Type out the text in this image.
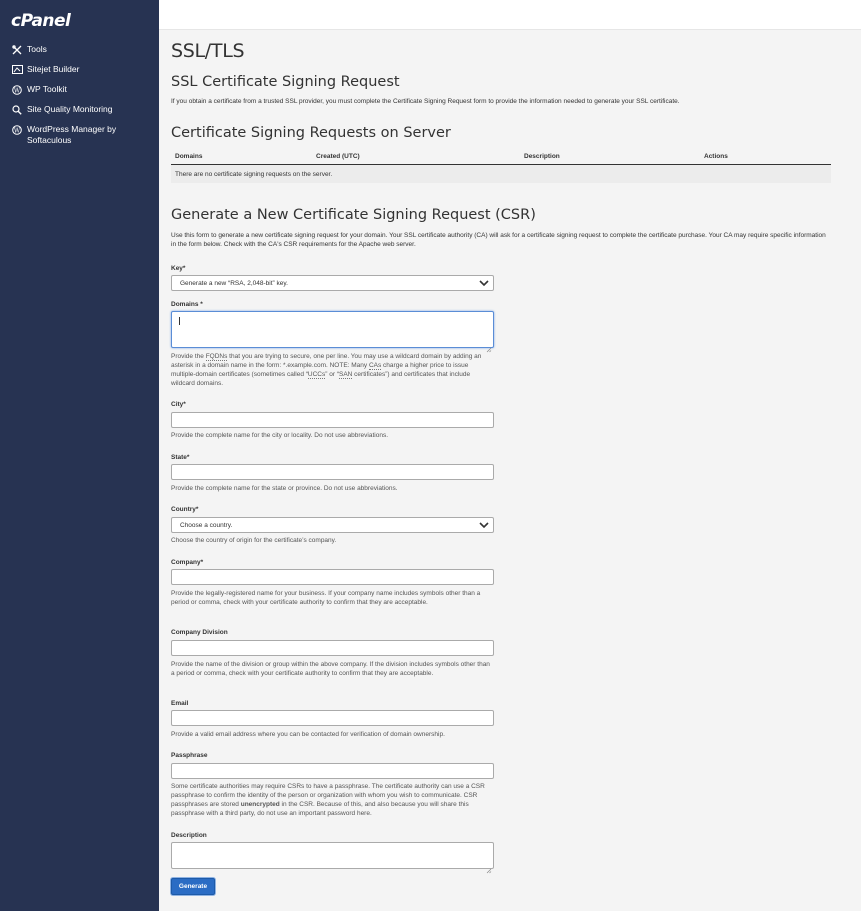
cPanel
Tools
Sitejet Builder
W WP Toolkit
Site Quality Monitoring
W WordPress Manager by Softaculous
SSL/TLS
SSL Certificate Signing Request
If you obtain a certificate from a trusted SSL provider, you must complete the Certificate Signing Request form to provide the information needed to generate your SSL certificate.
Certificate Signing Requests on Server
Domains	Created (UTC)	Description	Actions
There are no certificate signing requests on the server.
Generate a New Certificate Signing Request (CSR)
Use this form to generate a new certificate signing request for your domain. Your SSL certificate authority (CA) will ask for a certificate signing request to complete the certificate purchase. Your CA may require specific information in the form below. Check with the CA's CSR requirements for the Apache web server.
Key*
Generate a new “RSA, 2,048-bit” key.
Domains *
Provide the FQDNs that you are trying to secure, one per line. You may use a wildcard domain by adding an asterisk in a domain name in the form: *.example.com. NOTE: Many CAs charge a higher price to issue multiple-domain certificates (sometimes called “UCCs” or “SAN certificates”) and certificates that include wildcard domains.
City*
Provide the complete name for the city or locality. Do not use abbreviations.
State*
Provide the complete name for the state or province. Do not use abbreviations.
Country*
Choose a country.
Choose the country of origin for the certificate’s company.
Company*
Provide the legally-registered name for your business. If your company name includes symbols other than a period or comma, check with your certificate authority to confirm that they are acceptable.
Company Division
Provide the name of the division or group within the above company. If the division includes symbols other than a period or comma, check with your certificate authority to confirm that they are acceptable.
Email
Provide a valid email address where you can be contacted for verification of domain ownership.
Passphrase
Some certificate authorities may require CSRs to have a passphrase. The certificate authority can use a CSR passphrase to confirm the identity of the person or organization with whom you wish to communicate. CSR passphrases are stored unencrypted in the CSR. Because of this, and also because you will share this passphrase with a third party, do not use an important password here.
Description
Generate
